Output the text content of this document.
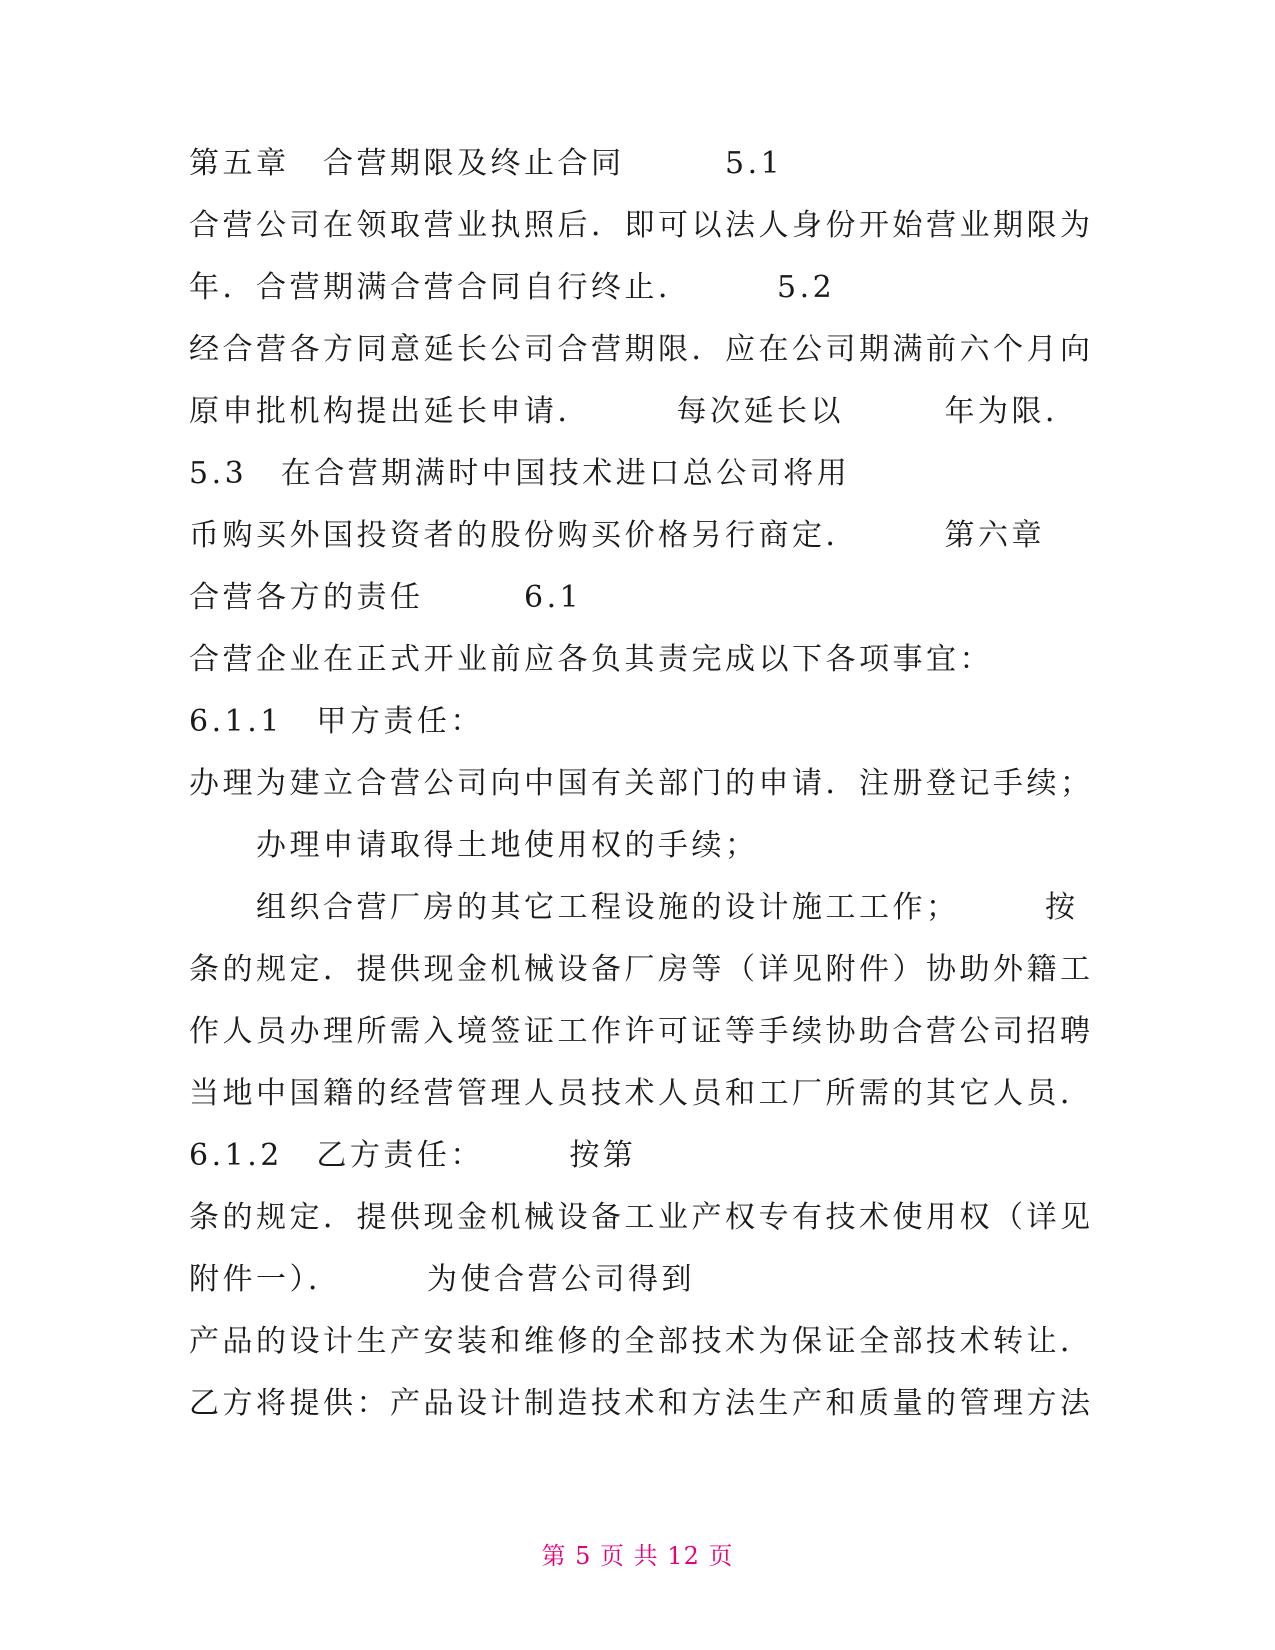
第五章　合营期限及终止合同　　　5.1
合营公司在领取营业执照后．即可以法人身份开始营业期限为
年．合营期满合营合同自行终止．　　　5.2
经合营各方同意延长公司合营期限．应在公司期满前六个月向
原申批机构提出延长申请．　　　每次延长以　　　年为限．
5.3　在合营期满时中国技术进口总公司将用
币购买外国投资者的股份购买价格另行商定．　　　第六章
合营各方的责任　　　6.1
合营企业在正式开业前应各负其责完成以下各项事宜：
6.1.1　甲方责任：
办理为建立合营公司向中国有关部门的申请．注册登记手续；
　　办理申请取得土地使用权的手续；
　　组织合营厂房的其它工程设施的设计施工工作；　　　按
条的规定．提供现金机械设备厂房等（详见附件）协助外籍工
作人员办理所需入境签证工作许可证等手续协助合营公司招聘
当地中国籍的经营管理人员技术人员和工厂所需的其它人员．
6.1.2　乙方责任：　　　按第
条的规定．提供现金机械设备工业产权专有技术使用权（详见
附件一）．　　　为使合营公司得到
产品的设计生产安装和维修的全部技术为保证全部技术转让．
乙方将提供：产品设计制造技术和方法生产和质量的管理方法
第 5 页 共 12 页
